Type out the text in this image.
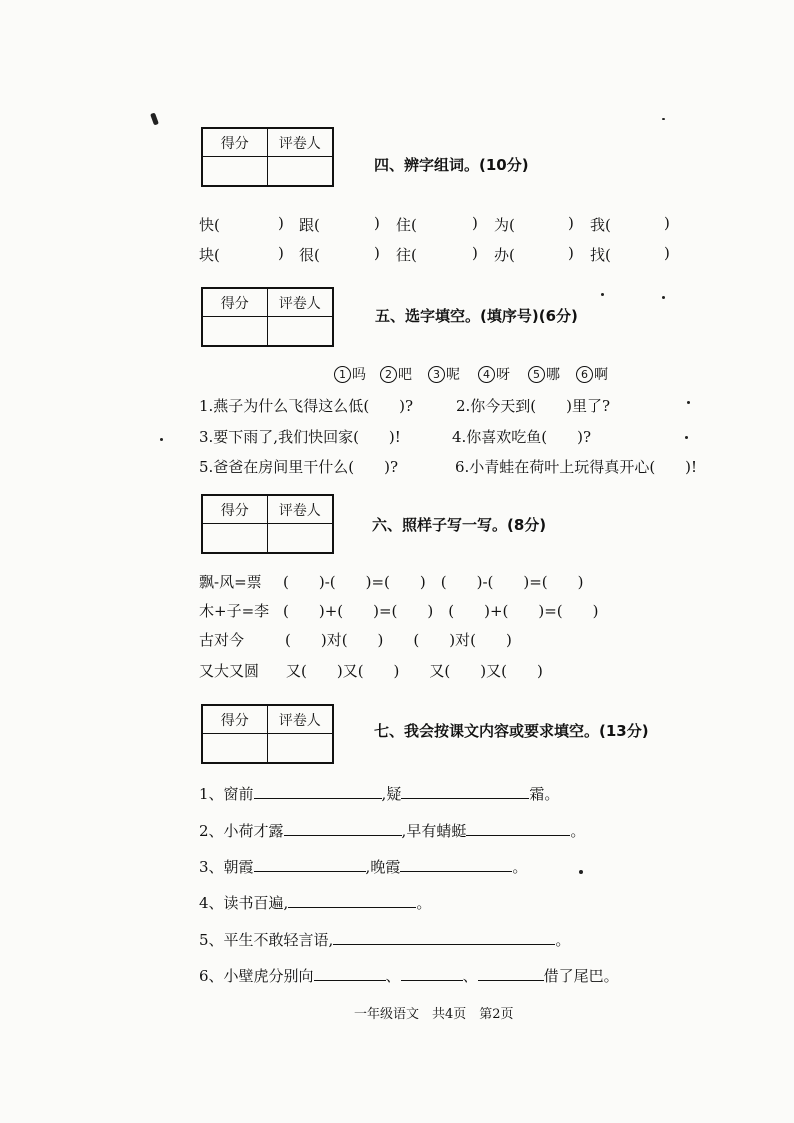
得分	评卷人
四、辨字组词。(10分)
快(	) 跟(	) 住(	) 为(	) 我(	)
块(	) 很(	) 往(	) 办(	) 找(	)
得分	评卷人
五、选字填空。(填序号)(6分)
1 吗	2 吧	3 呢	4 呀	5 哪	6 啊
1.燕子为什么飞得这么低(　　)?	2.你今天到(　　)里了?
3.要下雨了,我们快回家(　　)!	4.你喜欢吃鱼(　　)?
5.爸爸在房间里干什么(　　)?	6.小青蛙在荷叶上玩得真开心(　　)!
得分	评卷人
六、照样子写一写。(8分)
飘-风=票 (　　)-(　　)=(　　)　(　　)-(　　)=(　　)
木+子=李 (　　)+(　　)=(　　)　(　　)+(　　)=(　　)
古对今	(　　)对(　　)　　(　　)对(　　)
又大又圆 又(　　)又(　　)　　又(　　)又(　　)
得分	评卷人
七、我会按课文内容或要求填空。(13分)
1、窗前	,疑	霜。
2、小荷才露	,早有蜻蜓	。
3、朝霞	,晚霞	。
4、读书百遍,	。
5、平生不敢轻言语,	。
6、小壁虎分别向	、	、	借了尾巴。
一年级语文　共4页　第2页
